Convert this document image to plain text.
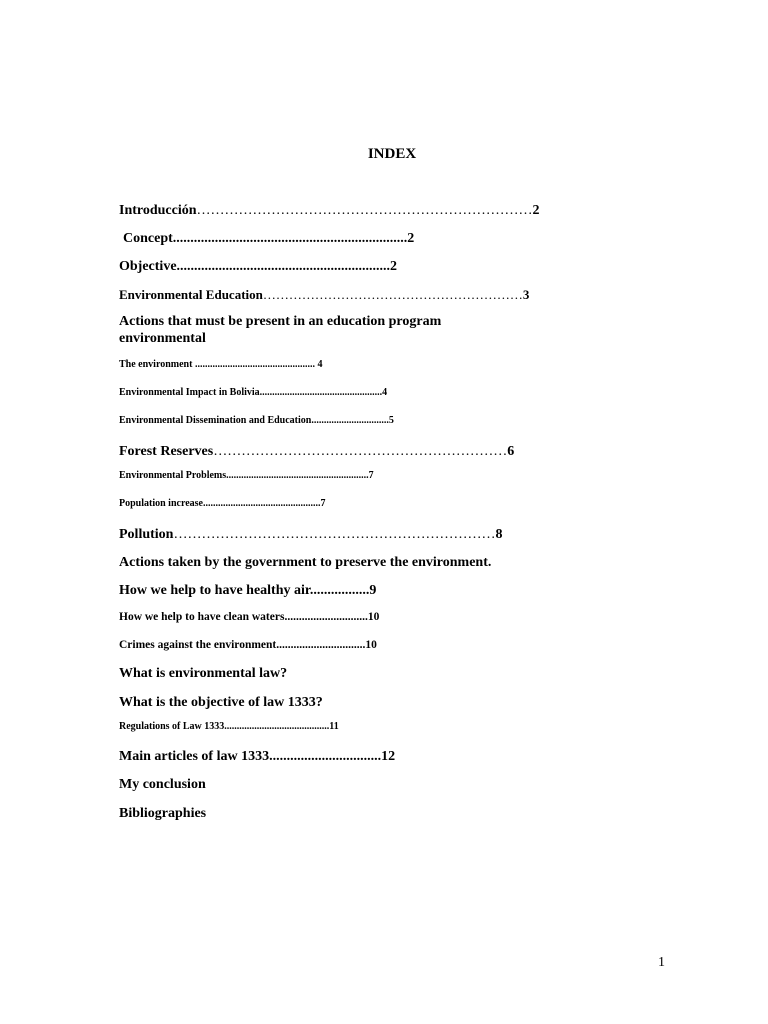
INDEX
Introducción………………………………………………………………2
Concept...................................................................2
Objective.............................................................2
Environmental Education……………………………………………………3
Actions that must be present in an education program environmental
The environment ................................................ 4
Environmental Impact in Bolivia.................................................4
Environmental Dissemination and Education...............................5
Forest Reserves………………………………………………………6
Environmental Problems.........................................................7
Population increase...............................................7
Pollution……………………………………………………………8
Actions taken by the government to preserve the environment.
How we help to have healthy air.................9
How we help to have clean waters.............................10
Crimes against the environment...............................10
What is environmental law?
What is the objective of law 1333?
Regulations of Law 1333..........................................11
Main articles of law 1333................................12
My conclusion
Bibliographies
1
